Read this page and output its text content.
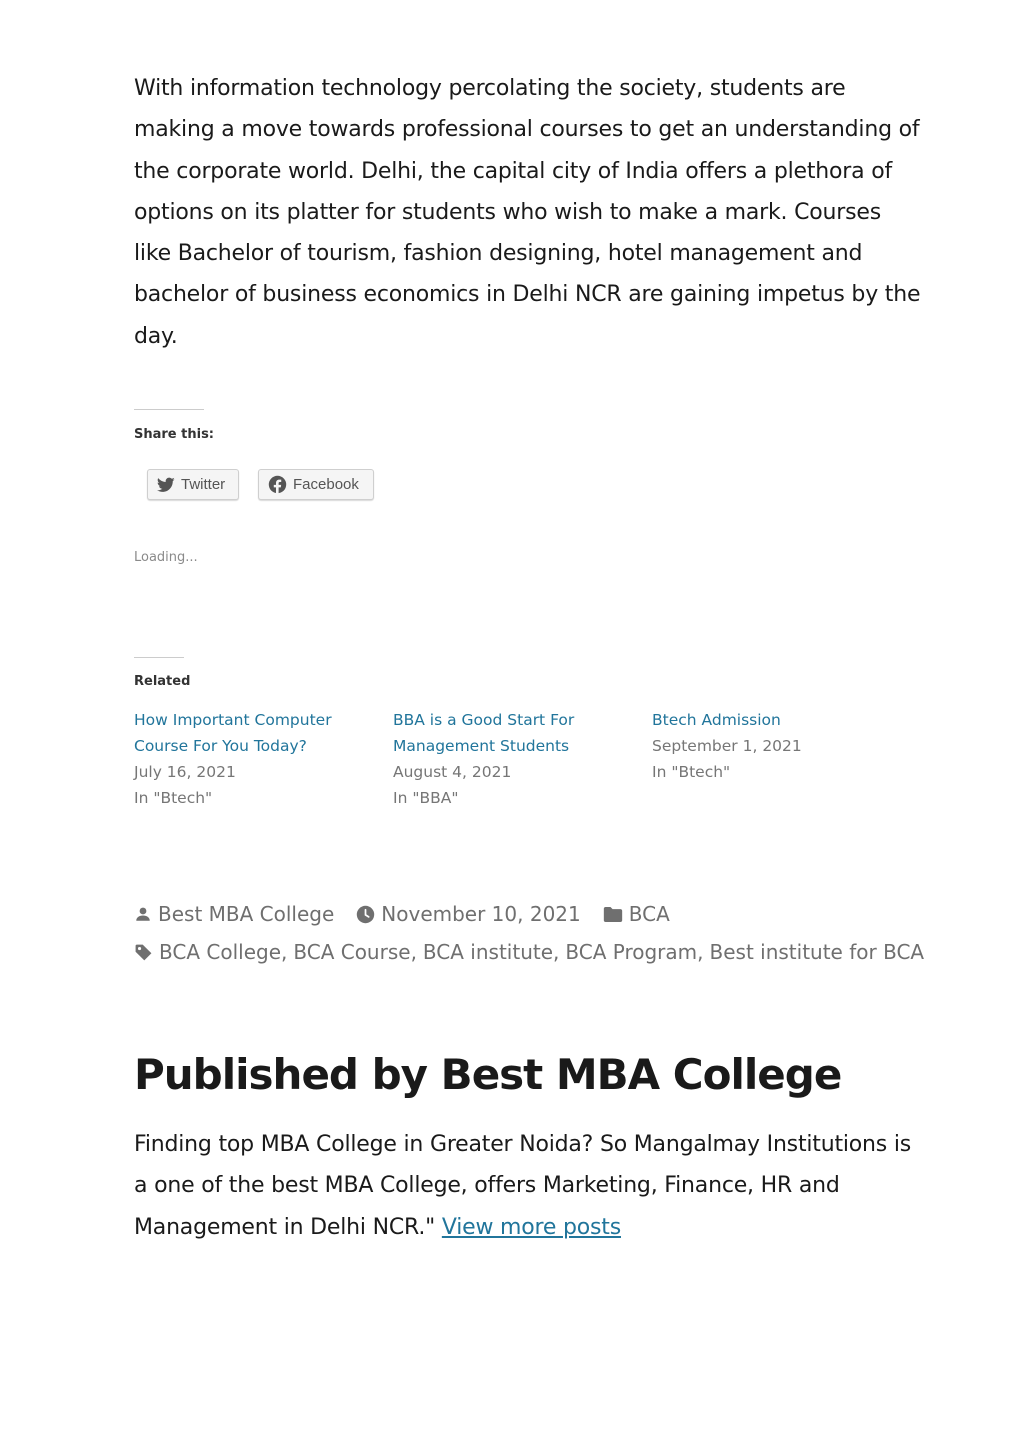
With information technology percolating the society, students are making a move towards professional courses to get an understanding of the corporate world. Delhi, the capital city of India offers a plethora of options on its platter for students who wish to make a mark. Courses like Bachelor of tourism, fashion designing, hotel management and bachelor of business economics in Delhi NCR are gaining impetus by the day.

Share this:
Twitter	Facebook
Loading...
Related
How Important Computer Course For You Today?
July 16, 2021
In "Btech"
BBA is a Good Start For Management Students
August 4, 2021
In "BBA"
Btech Admission
September 1, 2021
In "Btech"
Best MBA College November 10, 2021 BCA
BCA College , BCA Course , BCA institute , BCA Program , Best institute for BCA
Published by Best MBA College

Finding top MBA College in Greater Noida? So Mangalmay Institutions is a one of the best MBA College, offers Marketing, Finance, HR and Management in Delhi NCR." View more posts
